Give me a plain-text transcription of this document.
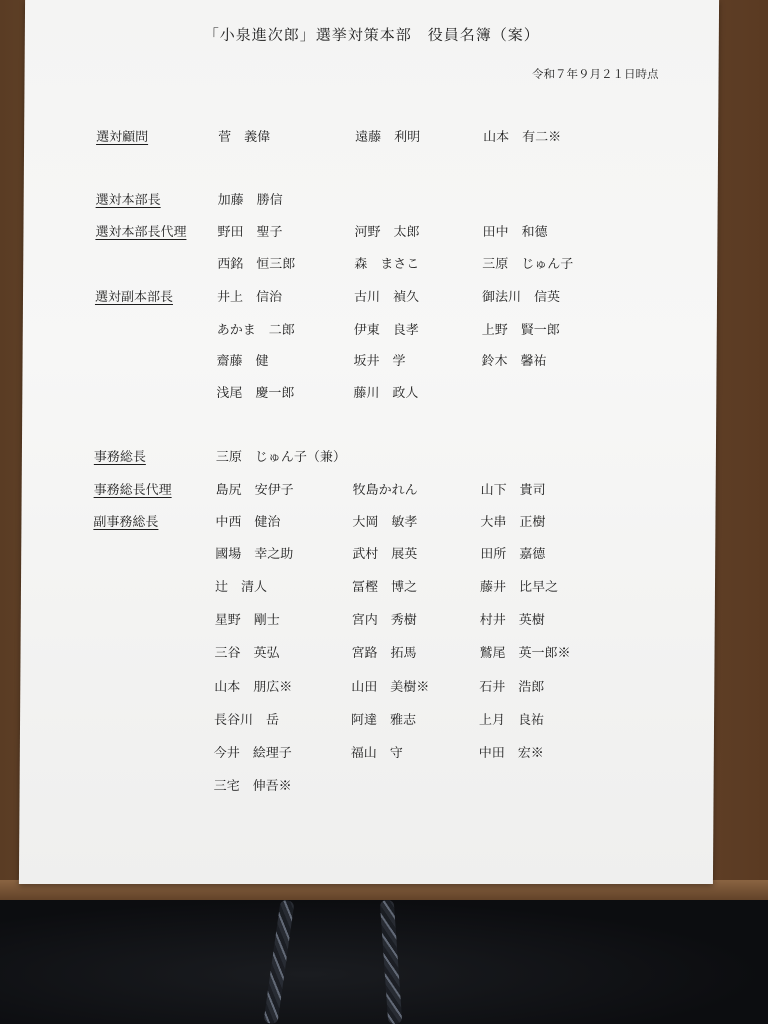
「小泉進次郎」選挙対策本部　役員名簿（案）
令和７年９月２１日時点
選対顧問	菅　義偉	遠藤　利明	山本　有二※
選対本部長	加藤　勝信
選対本部長代理 野田　聖子	河野　太郎	田中　和德
西銘　恒三郎	森　まさこ	三原　じゅん子
選対副本部長	井上　信治	古川　禎久	御法川　信英
あかま　二郎	伊東　良孝	上野　賢一郎
齋藤　健	坂井　学	鈴木　馨祐
浅尾　慶一郎	藤川　政人
事務総長	三原　じゅん子（兼）
事務総長代理	島尻　安伊子	牧島かれん	山下　貴司
副事務総長	中西　健治	大岡　敏孝	大串　正樹
國場　幸之助	武村　展英	田所　嘉德
辻　清人	冨樫　博之	藤井　比早之
星野　剛士	宮内　秀樹	村井　英樹
三谷　英弘	宮路　拓馬	鷲尾　英一郎※
山本　朋広※	山田　美樹※	石井　浩郎
長谷川　岳	阿達　雅志	上月　良祐
今井　絵理子	福山　守	中田　宏※
三宅　伸吾※
